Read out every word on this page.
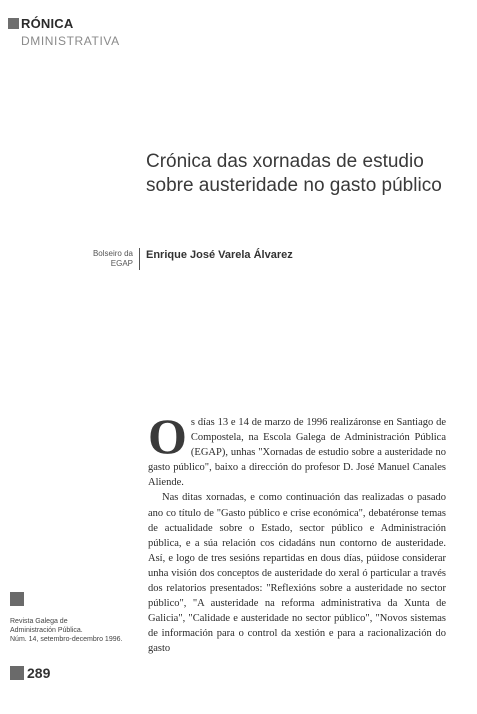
RÓNICA
DMINISTRATIVA
Crónica das xornadas de estudio
sobre austeridade no gasto público
Bolseiro da
EGAP
Enrique José Varela Álvarez

Os días 13 e 14 de marzo de 1996 realizáronse en Santiago de Compostela, na Escola Galega de Administración Pública (EGAP), unhas "Xornadas de estudio sobre a austeridade no gasto público", baixo a dirección do profesor D. José Manuel Canales Aliende.

Nas ditas xornadas, e como continuación das realizadas o pasado ano co título de "Gasto público e crise económica", debatéronse temas de actualidade sobre o Estado, sector público e Administración pública, e a súa relación cos cidadáns nun contorno de austeridade. Así, e logo de tres sesións repartidas en dous días, púidose considerar unha visión dos conceptos de austeridade do xeral ó particular a través dos relatorios presentados: "Reflexións sobre a austeridade no sector público", "A austeridade na reforma administrativa da Xunta de Galicia", "Calidade e austeridade no sector público", "Novos sistemas de información para o control da xestión e para a racionalización do gasto

Revista Galega de
Administración Pública.
Núm. 14, setembro-decembro 1996.
289
